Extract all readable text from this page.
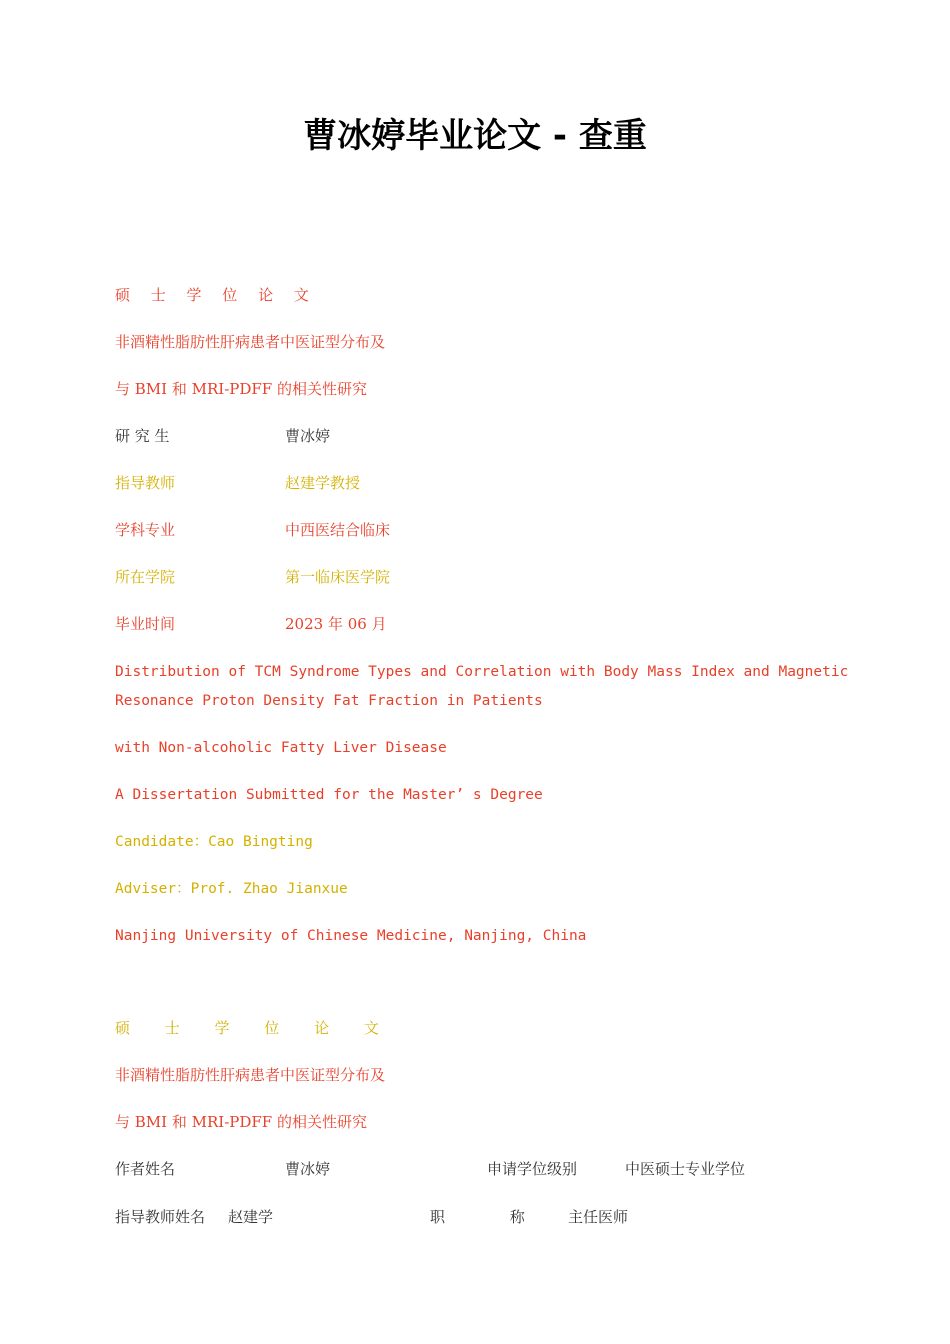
曹冰婷毕业论文 - 查重
硕 士 学 位 论 文
非酒精性脂肪性肝病患者中医证型分布及
与 BMI 和 MRI-PDFF 的相关性研究
研 究 生	曹冰婷
指导教师	赵建学教授
学科专业	中西医结合临床
所在学院	第一临床医学院
毕业时间	2023 年 06 月
Distribution of TCM Syndrome Types and Correlation with Body Mass Index and Magnetic
Resonance Proton Density Fat Fraction in Patients
with Non-alcoholic Fatty Liver Disease
A Dissertation Submitted for the Master’ s Degree
Candidate：Cao Bingting
Adviser：Prof. Zhao Jianxue
Nanjing University of Chinese Medicine, Nanjing, China
硕 士 学 位 论 文
非酒精性脂肪性肝病患者中医证型分布及
与 BMI 和 MRI-PDFF 的相关性研究
作者姓名	曹冰婷	申请学位级别	中医硕士专业学位
指导教师姓名 赵建学	职 称 主任医师
